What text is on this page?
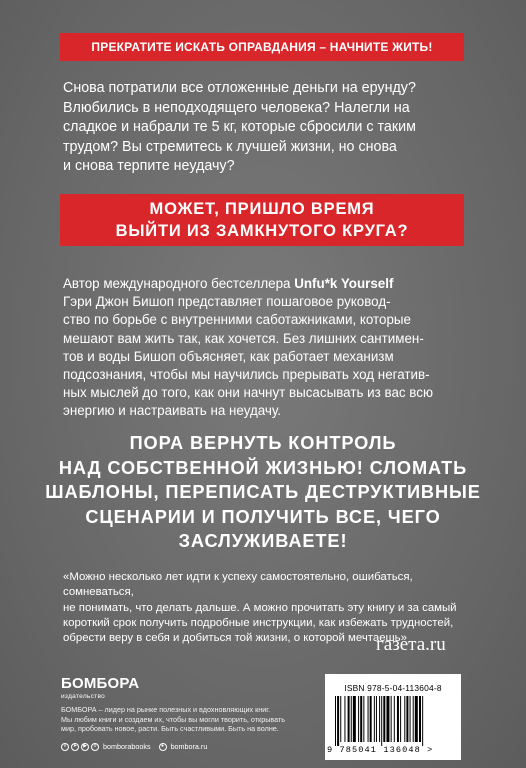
ПРЕКРАТИТЕ ИСКАТЬ ОПРАВДАНИЯ – НАЧНИТЕ ЖИТЬ!

Снова потратили все отложенные деньги на ерунду?

Влюбились в неподходящего человека? Налегли на

сладкое и набрали те 5 кг, которые сбросили с таким

трудом? Вы стремитесь к лучшей жизни, но снова

и снова терпите неудачу?

МОЖЕТ, ПРИШЛО ВРЕМЯ
ВЫЙТИ ИЗ ЗАМКНУТОГО КРУГА?

Автор международного бестселлера Unfu*k Yourself

Гэри Джон Бишоп представляет пошаговое руковод-

ство по борьбе с внутренними саботажниками, которые

мешают вам жить так, как хочется. Без лишних сантимен-

тов и воды Бишоп объясняет, как работает механизм

подсознания, чтобы мы научились прерывать ход негатив-

ных мыслей до того, как они начнут высасывать из вас всю

энергию и настраивать на неудачу.

ПОРА ВЕРНУТЬ КОНТРОЛЬ
НАД СОБСТВЕННОЙ ЖИЗНЬЮ! СЛОМАТЬ
ШАБЛОНЫ, ПЕРЕПИСАТЬ ДЕСТРУКТИВНЫЕ
СЦЕНАРИИ И ПОЛУЧИТЬ ВСЕ, ЧЕГО
ЗАСЛУЖИВАЕТЕ!

«Можно несколько лет идти к успеху самостоятельно, ошибаться, сомневаться,

не понимать, что делать дальше. А можно прочитать эту книгу и за самый

короткий срок получить подробные инструкции, как избежать трудностей,

обрести веру в себя и добиться той жизни, о которой мечтаешь»

газета.ru
БОМБОРА
издательство

БОМБОРА – лидер на рынке полезных и вдохновляющих книг.

Мы любим книги и создаем их, чтобы вы могли творить, открывать

мир, пробовать новое, расти. Быть счастливыми. Быть на волне.

v	➤	▶	o bomborabooks	● bombora.ru
ISBN 978-5-04-113604-8
9 785041 136048 >
